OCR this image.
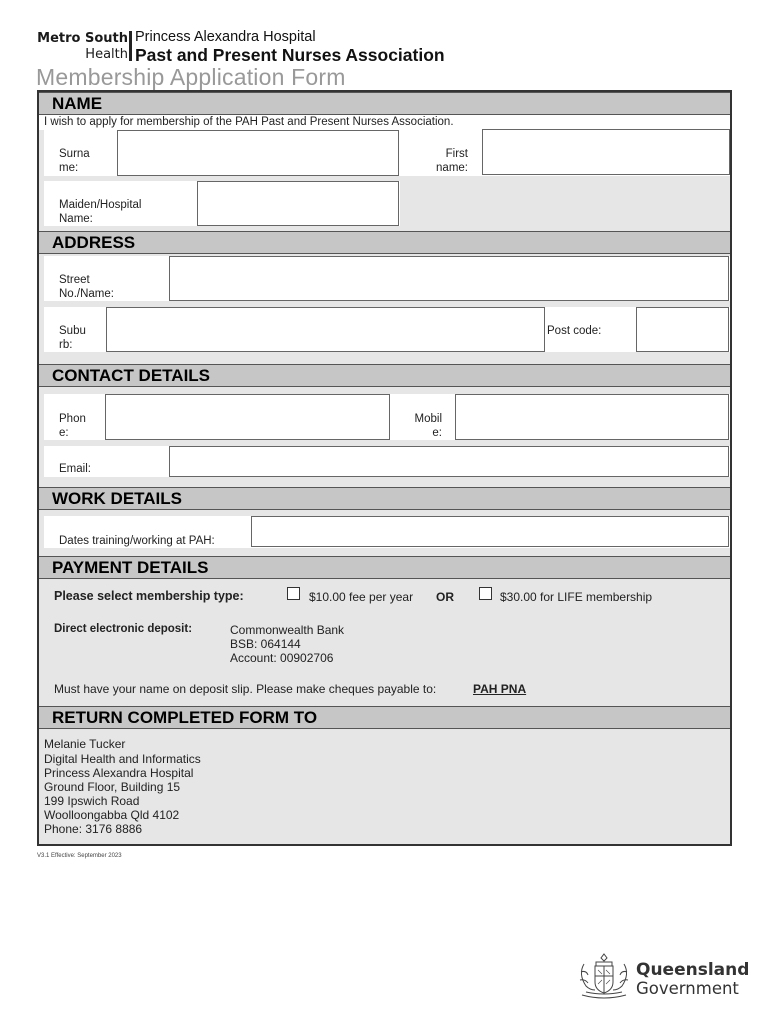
Metro South
Health
Princess Alexandra Hospital
Past and Present Nurses Association
Membership Application Form
NAME
I wish to apply for membership of the PAH Past and Present Nurses Association.
Surna me:
First name:
Maiden/Hospital Name:
ADDRESS
Street No./Name:
Subu rb:
Post code:
CONTACT DETAILS
Phon e:
Mobil e:
Email:
WORK DETAILS
Dates training/working at PAH:
PAYMENT DETAILS
Please select membership type:	$10.00 fee per year OR	$30.00 for LIFE membership
Direct electronic deposit:	Commonwealth Bank
BSB: 064144
Account: 00902706
Must have your name on deposit slip. Please make cheques payable to:	PAH PNA
RETURN COMPLETED FORM TO
Melanie Tucker
Digital Health and Informatics
Princess Alexandra Hospital
Ground Floor, Building 15
199 Ipswich Road
Woolloongabba Qld 4102
Phone: 3176 8886
V3.1 Effective: September 2023
Queensland
Government
